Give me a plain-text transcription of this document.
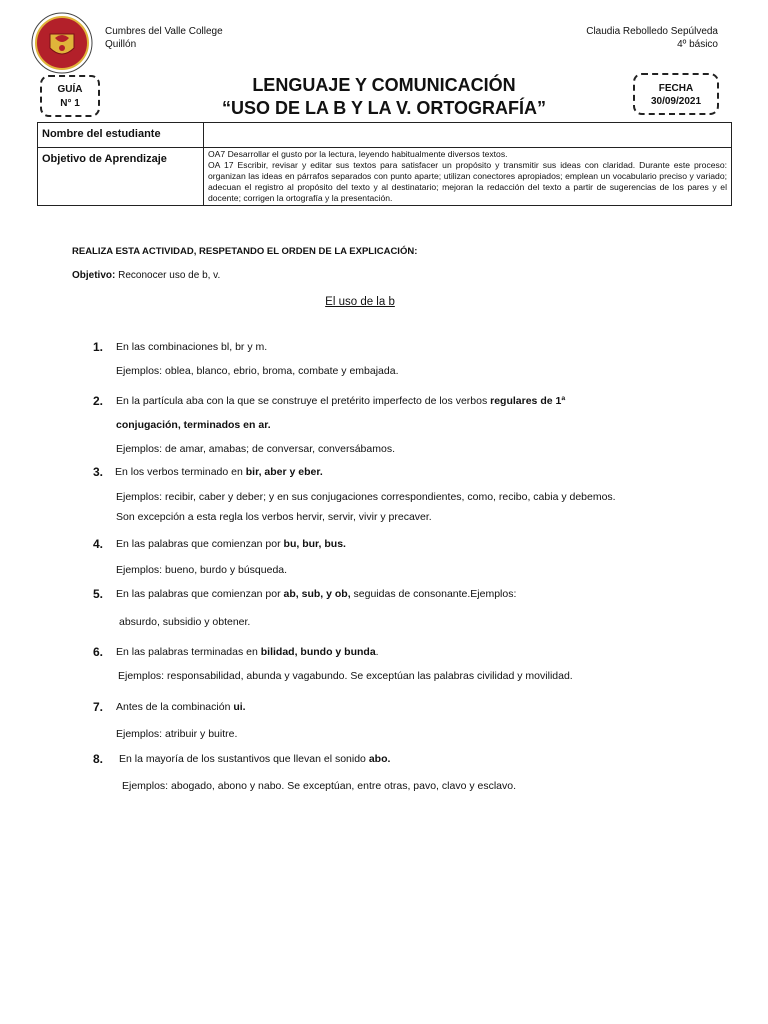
Cumbres del Valle College
Quillón
Claudia Rebolledo Sepúlveda
4º básico
GUÍA
N° 1
FECHA
30/09/2021
LENGUAJE Y COMUNICACIÓN
“USO DE LA B Y LA V. ORTOGRAFÍA”
Nombre del estudiante	
Objetivo de Aprendizaje	OA7 Desarrollar el gusto por la lectura, leyendo habitualmente diversos textos.
OA 17 Escribir, revisar y editar sus textos para satisfacer un propósito y transmitir sus ideas con claridad. Durante este proceso: organizan las ideas en párrafos separados con punto aparte; utilizan conectores apropiados; emplean un vocabulario preciso y variado; adecuan el registro al propósito del texto y al destinatario; mejoran la redacción del texto a partir de sugerencias de los pares y el docente; corrigen la ortografía y la presentación.
REALIZA ESTA ACTIVIDAD, RESPETANDO EL ORDEN DE LA EXPLICACIÓN:
Objetivo: Reconocer uso de b, v.
El uso de la b
1. En las combinaciones bl, br y m.
Ejemplos: oblea, blanco, ebrio, broma, combate y embajada.
2. En la partícula aba con la que se construye el pretérito imperfecto de los verbos regulares de 1ª
conjugación, terminados en ar.
Ejemplos: de amar, amabas; de conversar, conversábamos.
3. En los verbos terminado en bir, aber y eber.
Ejemplos: recibir, caber y deber; y en sus conjugaciones correspondientes, como, recibo, cabia y debemos.
Son excepción a esta regla los verbos hervir, servir, vivir y precaver.
4. En las palabras que comienzan por bu, bur, bus.
Ejemplos: bueno, burdo y búsqueda.
5. En las palabras que comienzan por ab, sub, y ob, seguidas de consonante.Ejemplos:
absurdo, subsidio y obtener.
6. En las palabras terminadas en bilidad, bundo y bunda.
Ejemplos: responsabilidad, abunda y vagabundo. Se exceptúan las palabras civilidad y movilidad.
7. Antes de la combinación ui.
Ejemplos: atribuir y buitre.
8. En la mayoría de los sustantivos que llevan el sonido abo.
Ejemplos: abogado, abono y nabo. Se exceptúan, entre otras, pavo, clavo y esclavo.
